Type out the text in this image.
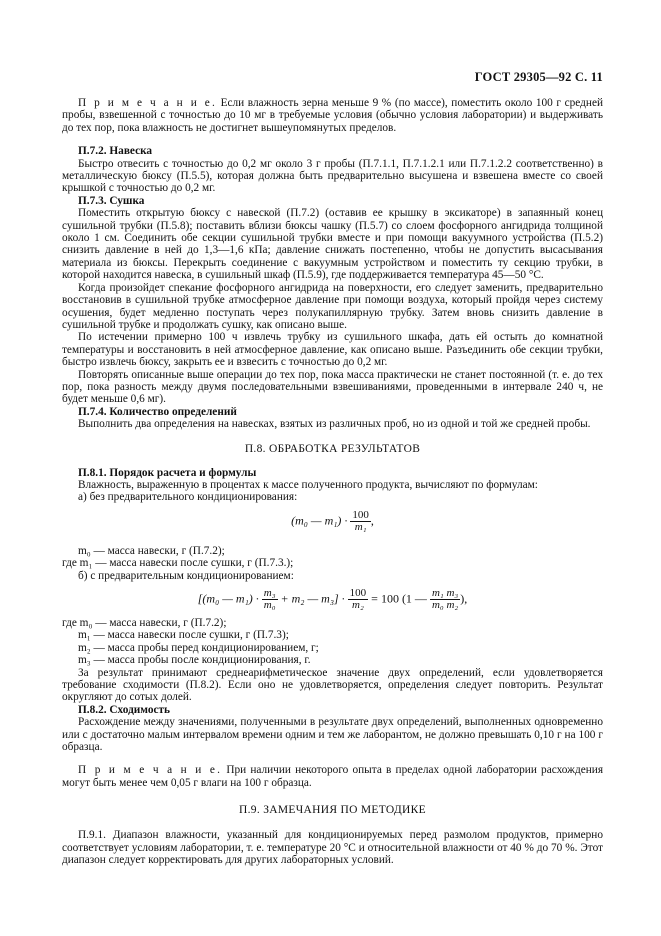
ГОСТ 29305—92 С. 11

П р и м е ч а н и е. Если влажность зерна меньше 9 % (по массе), поместить около 100 г средней пробы, взвешенной с точностью до 10 мг в требуемые условия (обычно условия лаборатории) и выдерживать до тех пор, пока влажность не достигнет вышеупомянутых пределов.

П.7.2. Навеска

Быстро отвесить с точностью до 0,2 мг около 3 г пробы (П.7.1.1, П.7.1.2.1 или П.7.1.2.2 соответственно) в металлическую бюксу (П.5.5), которая должна быть предварительно высушена и взвешена вместе со своей крышкой с точностью до 0,2 мг.

П.7.3. Сушка

Поместить открытую бюксу с навеской (П.7.2) (оставив ее крышку в эксикаторе) в запаянный конец сушильной трубки (П.5.8); поставить вблизи бюксы чашку (П.5.7) со слоем фосфорного ангидрида толщиной около 1 см. Соединить обе секции сушильной трубки вместе и при помощи вакуумного устройства (П.5.2) снизить давление в ней до 1,3—1,6 кПа; давление снижать постепенно, чтобы не допустить высасывания материала из бюксы. Перекрыть соединение с вакуумным устройством и поместить ту секцию трубки, в которой находится навеска, в сушильный шкаф (П.5.9), где поддерживается температура 45—50 °С.

Когда произойдет спекание фосфорного ангидрида на поверхности, его следует заменить, предварительно восстановив в сушильной трубке атмосферное давление при помощи воздуха, который пройдя через систему осушения, будет медленно поступать через полукапиллярную трубку. Затем вновь снизить давление в сушильной трубке и продолжать сушку, как описано выше.

По истечении примерно 100 ч извлечь трубку из сушильного шкафа, дать ей остыть до комнатной температуры и восстановить в ней атмосферное давление, как описано выше. Разъединить обе секции трубки, быстро извлечь бюксу, закрыть ее и взвесить с точностью до 0,2 мг.

Повторять описанные выше операции до тех пор, пока масса практически не станет постоянной (т. е. до тех пор, пока разность между двумя последовательными взвешиваниями, проведенными в интервале 240 ч, не будет меньше 0,6 мг).

П.7.4. Количество определений

Выполнить два определения на навесках, взятых из различных проб, но из одной и той же средней пробы.

П.8. ОБРАБОТКА РЕЗУЛЬТАТОВ
П.8.1. Порядок расчета и формулы

Влажность, выраженную в процентах к массе полученного продукта, вычисляют по формулам:

а) без предварительного кондиционирования:

(m₀ — $m_1) \cdot \frac{100}{\text{m₁}}$ ,

m₀ — масса навески, г (П.7.2);

где m₁ — масса навески после сушки, г (П.7.3.);

б) с предварительным кондиционированием:

[(m₀ — $m_1) \cdot \frac{\text{m₃}}{\text{m₀}} + m_2$ — $m_3] \cdot \frac{100}{\text{m₂}} = 100$ (1 — $\frac{\text{m₁ m₃}}{\text{m₀ m₂}}$ ),

где m₀ — масса навески, г (П.7.2);

m₁ — масса навески после сушки, г (П.7.3);

m₂ — масса пробы перед кондиционированием, г;

m₃ — масса пробы после кондиционирования, г.

За результат принимают среднеарифметическое значение двух определений, если удовлетворяется требование сходимости (П.8.2). Если оно не удовлетворяется, определения следует повторить. Результат округляют до сотых долей.

П.8.2. Сходимость

Расхождение между значениями, полученными в результате двух определений, выполненных одновременно или с достаточно малым интервалом времени одним и тем же лаборантом, не должно превышать 0,10 г на 100 г образца.

П р и м е ч а н и е. При наличии некоторого опыта в пределах одной лаборатории расхождения могут быть менее чем 0,05 г влаги на 100 г образца.

П.9. ЗАМЕЧАНИЯ ПО МЕТОДИКЕ

П.9.1. Диапазон влажности, указанный для кондиционируемых перед размолом продуктов, примерно соответствует условиям лаборатории, т. е. температуре 20 °С и относительной влажности от 40 % до 70 %. Этот диапазон следует корректировать для других лабораторных условий.
